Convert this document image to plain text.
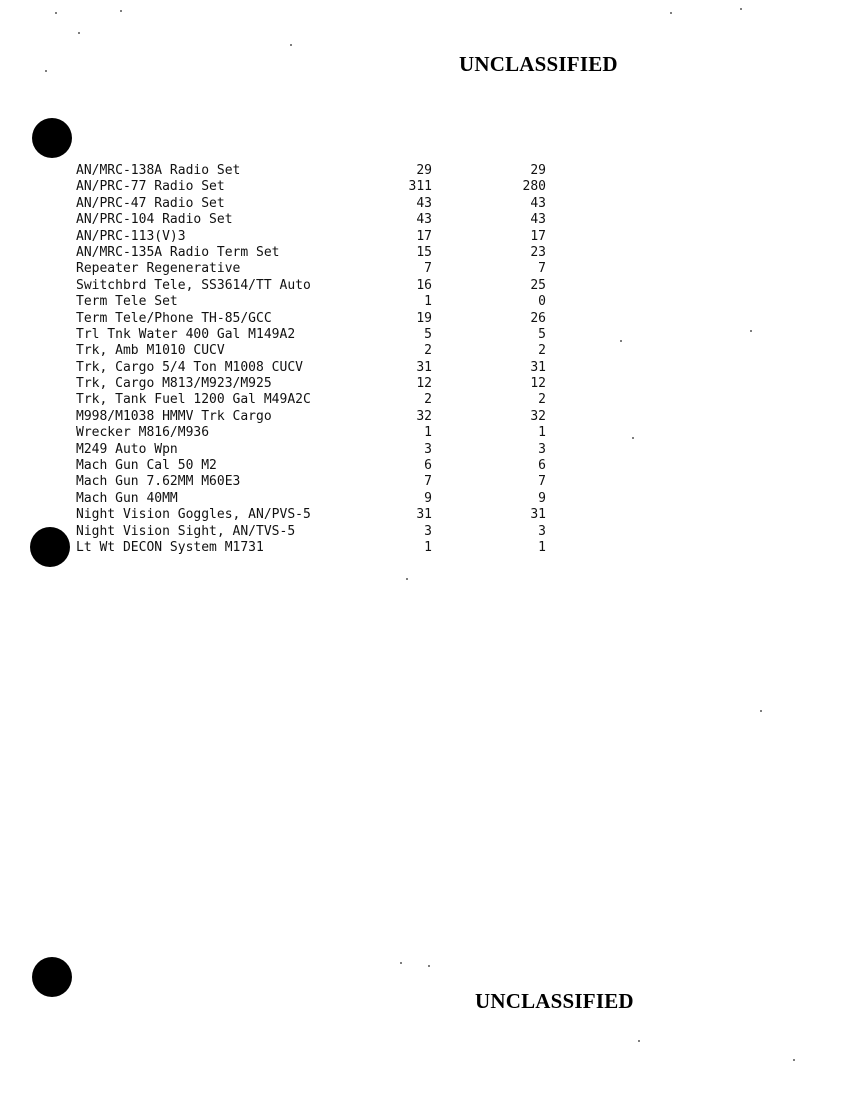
UNCLASSIFIED
AN/MRC-138A Radio Set	29	29
AN/PRC-77 Radio Set	311	280
AN/PRC-47 Radio Set	43	43
AN/PRC-104 Radio Set	43	43
AN/PRC-113(V)3	17	17
AN/MRC-135A Radio Term Set	15	23
Repeater Regenerative	7	7
Switchbrd Tele, SS3614/TT Auto	16	25
Term Tele Set	1	0
Term Tele/Phone TH-85/GCC	19	26
Trl Tnk Water 400 Gal M149A2	5	5
Trk, Amb M1010 CUCV	2	2
Trk, Cargo 5/4 Ton M1008 CUCV	31	31
Trk, Cargo M813/M923/M925	12	12
Trk, Tank Fuel 1200 Gal M49A2C	2	2
M998/M1038 HMMV Trk Cargo	32	32
Wrecker M816/M936	1	1
M249 Auto Wpn	3	3
Mach Gun Cal 50 M2	6	6
Mach Gun 7.62MM M60E3	7	7
Mach Gun 40MM	9	9
Night Vision Goggles, AN/PVS-5	31	31
Night Vision Sight, AN/TVS-5	3	3
Lt Wt DECON System M1731	1	1
UNCLASSIFIED
